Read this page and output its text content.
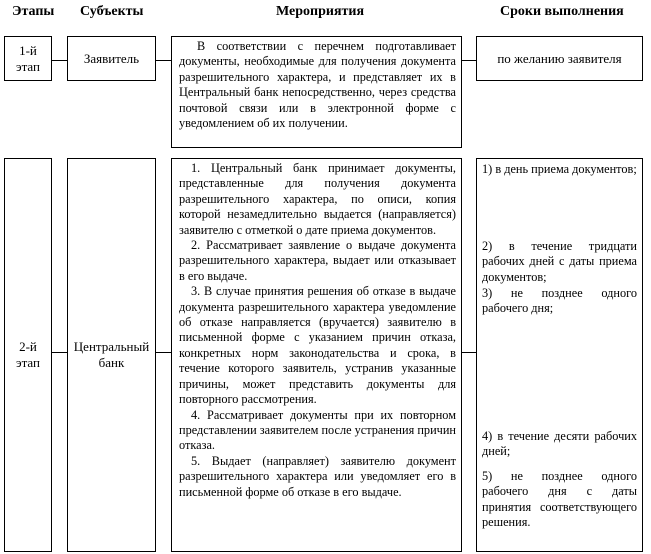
Этапы Субъекты	Мероприятия	Сроки выполнения
1-й этап
Заявитель

В соответствии с перечнем подготавливает документы, необходимые для получения документа разрешительного характера, и представляет их в Центральный банк непосредственно, через средства почтовой связи или в электронной форме с уведомлением об их получении.

по желанию заявителя
2-й этап
Центральный банк

1. Центральный банк принимает документы, представленные для получения документа разрешительного характера, по описи, копия которой незамедлительно выдается (направляется) заявителю с отметкой о дате приема документов.

2. Рассматривает заявление о выдаче документа разрешительного характера, выдает или отказывает в его выдаче.

3. В случае принятия решения об отказе в выдаче документа разрешительного характера уведомление об отказе направляется (вручается) заявителю в письменной форме с указанием причин отказа, конкретных норм законодательства и срока, в течение которого заявитель, устранив указанные причины, может представить документы для повторного рассмотрения.

4. Рассматривает документы при их повторном представлении заявителем после устранения причин отказа.

5. Выдает (направляет) заявителю документ разрешительного характера или уведомляет его в письменной форме об отказе в его выдаче.

1) в день приема документов;
2) в течение тридцати рабочих дней с даты приема документов;
3) не позднее одного рабочего дня;
4) в течение десяти рабочих дней;
5) не позднее одного рабочего дня с даты принятия соответствующего решения.
